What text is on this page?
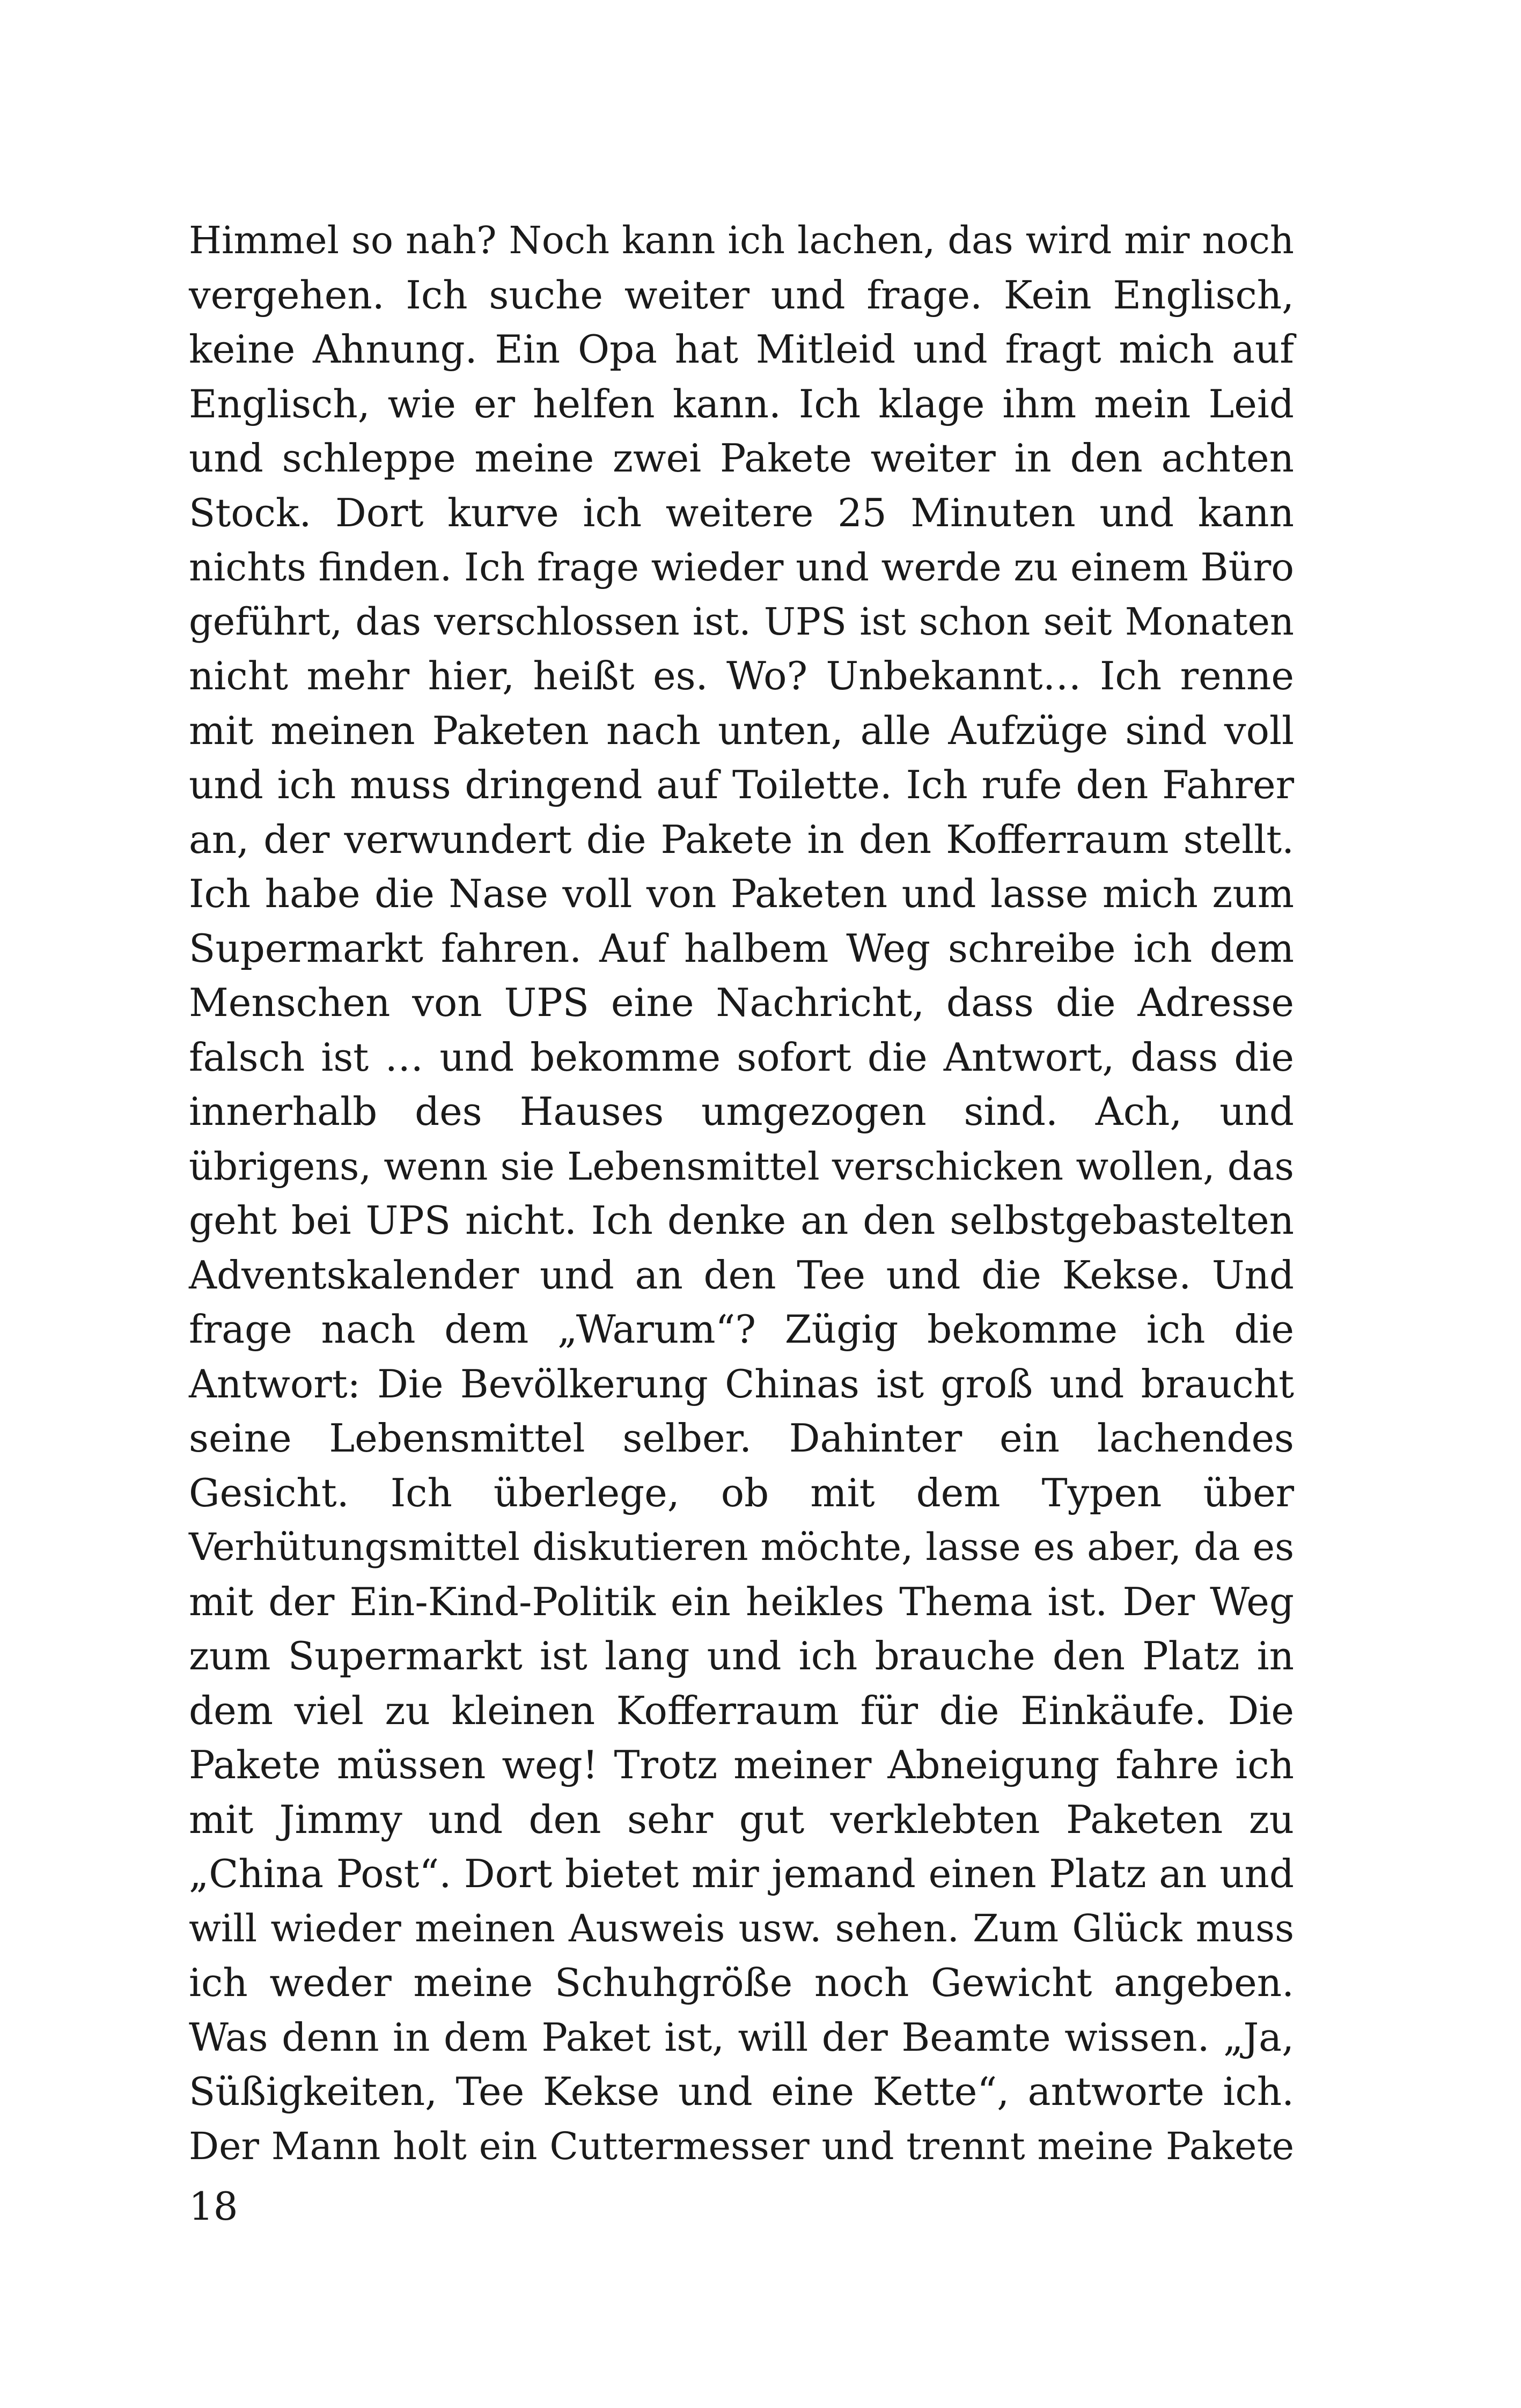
Himmel so nah? Noch kann ich lachen, das wird mir noch
vergehen. Ich suche weiter und frage. Kein Englisch,
keine Ahnung. Ein Opa hat Mitleid und fragt mich auf
Englisch, wie er helfen kann. Ich klage ihm mein Leid
und schleppe meine zwei Pakete weiter in den achten
Stock. Dort kurve ich weitere 25 Minuten und kann
nichts finden. Ich frage wieder und werde zu einem Büro
geführt, das verschlossen ist. UPS ist schon seit Monaten
nicht mehr hier, heißt es. Wo? Unbekannt… Ich renne
mit meinen Paketen nach unten, alle Aufzüge sind voll
und ich muss dringend auf Toilette. Ich rufe den Fahrer
an, der verwundert die Pakete in den Kofferraum stellt.
Ich habe die Nase voll von Paketen und lasse mich zum
Supermarkt fahren. Auf halbem Weg schreibe ich dem
Menschen von UPS eine Nachricht, dass die Adresse
falsch ist … und bekomme sofort die Antwort, dass die
innerhalb des Hauses umgezogen sind. Ach, und
übrigens, wenn sie Lebensmittel verschicken wollen, das
geht bei UPS nicht. Ich denke an den selbstgebastelten
Adventskalender und an den Tee und die Kekse. Und
frage nach dem „Warum“? Zügig bekomme ich die
Antwort: Die Bevölkerung Chinas ist groß und braucht
seine Lebensmittel selber. Dahinter ein lachendes
Gesicht. Ich überlege, ob mit dem Typen über
Verhütungsmittel diskutieren möchte, lasse es aber, da es
mit der Ein-Kind-Politik ein heikles Thema ist. Der Weg
zum Supermarkt ist lang und ich brauche den Platz in
dem viel zu kleinen Kofferraum für die Einkäufe. Die
Pakete müssen weg! Trotz meiner Abneigung fahre ich
mit Jimmy und den sehr gut verklebten Paketen zu
„China Post“. Dort bietet mir jemand einen Platz an und
will wieder meinen Ausweis usw. sehen. Zum Glück muss
ich weder meine Schuhgröße noch Gewicht angeben.
Was denn in dem Paket ist, will der Beamte wissen. „Ja,
Süßigkeiten, Tee Kekse und eine Kette“, antworte ich.
Der Mann holt ein Cuttermesser und trennt meine Pakete
18
